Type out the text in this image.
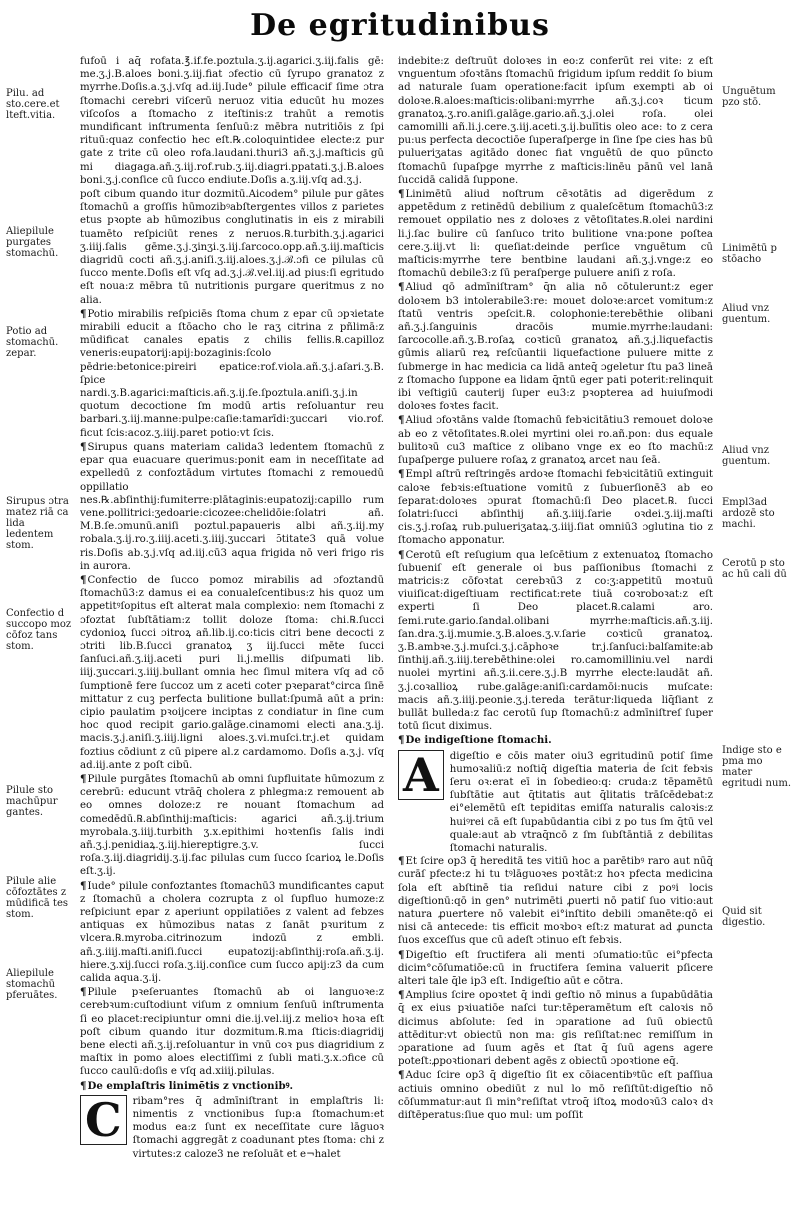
De egritudinibus
Pilu. ad sto.cere.et lteft.vitia.
Aliepilule purgates stomachū.
Potio ad stomachū. zepar.
Sirupus ɔtra matez riā ca lida ledentem stom.
Confectio d succopo moz cōfoz tans stom.
Pilule sto machūpur gantes.
Pilule alie cōfoztātes z mūdificā tes stom.
Aliepilule stomachū pferuātes.

fufoū i aq̄ rofata.℥.if.fe.poztula.ʒ.ij.agarici.ʒ.iij.falis gē: me.ʒ.j.B.aloes boni.ʒ.iij.fiat ɔfectio cū ſyrupo granatoz z myrrhe.Doſis.a.ʒ.j.vſq ad.iij.Iude° pilule efficacif ſime ɔtra ſtomachi cerebri viſcerū neruoz vitia educūt hu mozes viſcoſos a ſtomacho z iteſtinis:z trahūt a remotis mundificant inſtrumenta ſenſuū:z mēbra nutritiōis z ſpi rituū:quaz confectio hec eſt.℞.coloquintidee electe:z pur gate z trite cū oleo rofa.laudani.thuri3 añ.ʒ.j.maſticis gū mi diagaga.añ.ʒ.iij.rof.rub.ʒ.iij.diagri.ppatati.ʒ.j.B.aloes boni.ʒ.j.conſice cū ſucco endiute.Doſis a.ʒ.iij.vſq ad.ʒ.j.

poſt cibum quando itur dozmitū.Aicodem° pilule pur gātes ſtomachū a groſſis hūmozibꝰabſtergentes villos z parietes etus pꝛopte ab hūmozibus conglutinatis in eis z mirabili tuamēto reſpiciūt renes z neruos.℞.turbith.ʒ.j.agarici ʒ.iiij.ſalis gēme.ʒ.j.ʒinʒi.ʒ.iij.ſarcoco.opp.añ.ʒ.iij.maſticis diagridū cocti añ.ʒ.j.aniſi.ʒ.iij.aloes.ʒ.j.ℬ.ɔfi ce pilulas cū ſucco mente.Doſis eſt vſq ad.ʒ.j.ℬ.vel.iij.ad pius:ſi egritudo eſt noua:z mēbra tū nutritionis purgare queritmus z no alia.

¶Potio mirabilis reſpiciēs ſtoma chum z epar cū ɔpꝛietate mirabili educit a ſtōacho cho le raʒ citrina z pñlimā:z mūdificat canales epatis z chilis fellis.℞.capilloz veneris:eupatorij:apij:bozaginis:ſcolo pēdrie:betonice:pireiri epatice:rof.viola.añ.ʒ.j.aſari.ʒ.B. ſpice nardi.ʒ.B.agarici:maſticis.añ.ʒ.ij.ſe.ſpoztula.aniſi.ʒ.j.in quotum decoctione ſm modū artis reſoluantur reu barbari.ʒ.iij.manne:pulpe:caſie:tamarīdi:ʒuccari vio.rof. ficut ſcis:acoz.ʒ.iiij.paret potio:vt ſcis.

¶Sirupus quans materiam calida3 ledentem ſtomachū z epar qua euacuare querimus:ponit eam in neceſſitate ad expelledū z confoztādum virtutes ſtomachi z remouedū oppillatio nes.℞.abſinthij:fumiterre:plātaginis:eupatozij:capillo rum vene.pollitrici:ʒedoarie:cicozee:chelidōie:ſolatri añ. M.B.ſe.ɔmunū.aniſi poztul.papaueris albi añ.ʒ.iij.my robala.ʒ.ij.ro.ʒ.iiij.aceti.ʒ.iiij.ʒuccari ɔ̄titate3 quā volue ris.Doſis ab.ʒ.j.vſq ad.iij.cū3 aqua frigida nō veri frigo ris in aurora.

¶Confectio de ſucco pomoz mirabilis ad ɔfoztandū ſtomachū3:z damus ei ea conualeſcentibus:z his quoz um appetitꝰſopitus eſt alterat mala complexio: nem ſtomachi z ɔfoztat ſubſtātiam:z tollit doloze ſtoma: chi.℞.ſucci cydonioꝝ ſucci ɔitroꝝ añ.lib.ij.co:ticis citri bene decocti z ɔtriti lib.B.ſucci granatoꝝ ʒ iij.ſucci mēte ſucci ſanſuci.añ.ʒ.iij.aceti puri li.j.mellis diſpumati lib. iiij.ʒuccari.ʒ.iiij.bullant omnia hec ſimul mitera vſq ad cō ſumptionē fere ſuccoz um z aceti coter pꝛeparat°circa ſinē mittatur z cuꝫ perfecta bulitione bullat:ſpumā aūt a prin: cipio paulatim pꝛoijcere inciptas z condiatur in ſine cum hoc quod recipit gario.galāge.cinamomi electi ana.ʒ.ij. macis.ʒ.j.aniſi.ʒ.iiij.ligni aloes.ʒ.vi.muſci.tr.j.et quidam foztius cōdiunt z cū pipere al.z cardamomo. Doſis a.ʒ.j. vſq ad.iij.ante z poſt cibū.

¶Pilule purgātes ſtomachū ab omni ſupfluitate hūmozum z cerebrū: educunt vtrāq̄ cholera z phlegma:z remouent ab eo omnes doloze:z re nouant ſtomachum ad comedēdū.℞.abſinthij:maſticis: agarici añ.ʒ.ij.trium myrobala.ʒ.iiij.turbith ʒ.x.epithimi hoꝛtenſis ſalis indi añ.ʒ.j.penidiaꝝ.ʒ.iij.hiereptigre.ʒ.v. ſucci roſa.ʒ.iij.diagridij.ʒ.ij.fac pilulas cum ſucco ſcarioꝝ le.Doſis eſt.ʒ.ij.

¶Iude° pilule confoztantes ſtomachū3 mundificantes caput z ſtomachū a cholera cozrupta z ol ſupfluo humoze:z reſpiciunt epar z aperiunt oppilatiōes z valent ad febzes antiquas ex hūmozibus natas z ſanāt pꝛuritum z vlcera.℞.myroba.citrinozum indozū z embli. añ.ʒ.iiij.maſti.aniſi.ſucci eupatozij:abſinthij:roſa.añ.ʒ.ij. hiere.ʒ.xij.ſucci roſa.ʒ.iij.conſice cum ſucco apij:z3 da cum calida aqua.ʒ.ij.

¶Pilule pꝛeſeruantes ſtomachū ab oi languoꝛe:z cerebꝛum:cuſtodiunt viſum z omnium ſenſuū inſtrumenta ſi eo placet:recipiuntur omni die.ij.vel.iij.z melioꝛ hoꝛa eſt poſt cibum quando itur dozmitum.℞.ma ſticis:diagridij bene electi añ.ʒ.ij.reſoluantur in vnū coꝛ pus diagridium z maſtix in pomo aloes electiſſimi z ſubli mati.ʒ.x.ɔfice cū ſucco caulū:doſis e vſq ad.xiiij.pilulas.

¶De emplaſtris linimētis z vnctionibꝰ.

C	ribam°res q̄ admīniſtrant in emplaſtris li: nimentis z vnctionibus ſup:a ſtomachum:et modus ea:z ſunt ex neceſſitate cure lāguoꝛ ſtomachi aggregāt z coadunant ptes ſtoma: chi z virtutes:z caloze3 ne reſoluāt et e¬halet

indebite:z deſtruūt doloꝛes in eo:z conferūt rei vite: z eſt vnguentum ɔfoꝛtāns ſtomachū frigidum ipſum reddit ſo bium ad naturale ſuam operatione:facit ipſum exempti ab oi doloꝛe.℞.aloes:maſticis:olibani:myrrhe añ.ʒ.j.coꝛ ticum granatoꝝ.ʒ.ro.aniſi.galāge.gario.añ.ʒ.j.olei roſa. olei camomilli añ.li.j.cere.ʒ.iij.aceti.ʒ.ij.bulītis oleo ace: to z cera pu:us perfecta decoctiōe ſuperaſperge in ſine ſpe cies has bū pulueriʒatas agitādo donec fiat vnguētū de quo pūncto ſtomachū ſupaſpge myrrhe z maſticis:linēu pānū vel lanā ſuccidā calidā ſuppone.

¶Linimētū aliud noſtrum cēꝛotātis ad digerēdum z appetēdum z retinēdū debilium z qualeſcētum ſtomachū3:z remouet oppilatio nes z doloꝛes z vētoſitates.℞.olei nardini li.j.ſac bulire cū ſanſuco trito bulitione vna:pone poſtea cere.ʒ.iij.vt li: queſiat:deinde perſice vnguētum cū maſticis:myrrhe tere bentbine laudani añ.ʒ.j.vnge:z eo ſtomachū debile3:z ſū peraſperge puluere aniſi z roſa.

¶Aliud qō admīniſtram° q̄n alia nō cōtulerunt:z eger doloꝛem b3 intolerabile3:re: mouet doloꝛe:arcet vomitum:z ſtatū ventris ɔpeſcit.℞. colophonie:terebēthie olibani añ.ʒ.j.ſanguinis dracōis mumie.myrrhe:laudani: ſarcocolle.añ.ʒ.B.roſaꝝ coꝛticū granatoꝝ añ.ʒ.j.liquefactis gūmis aliarū reꝝ reſcūantii liquefactione puluere mitte z ſubmerge in hac medicia ca lidā anteq̄ ɔgeletur ſtu pa3 lineā z ſtomacho ſuppone ea lidam q̄ntū eger pati poterit:relinquit ibi veſtigiū cauterij ſuper eu3:z pꝛopterea ad huiuſmodi doloꝛes foꝛtes facit.

¶Aliud ɔfoꝛtāns valde ſtomachū febꝛicitātiu3 remouet doloꝛe ab eo z vētoſitates.℞.olei myrtini olei ro.añ.pon: dus equale bulitoꝛū cu3 maſtice z olibano vnge ex eo ſto machū:z ſupaſperge puluere roſaꝝ z granatoꝝ arcet nau ſeā.

¶Empl aſtrū reſtringēs ardoꝛe ſtomachi febꝛicitātiū extinguit caloꝛe febꝛis:eſtuatione vomitū z ſubuerſionē3 ab eo ſeparat:doloꝛes ɔpurat ſtomachū:ſi Deo placet.℞. ſucci ſolatri:ſucci abſinthij añ.ʒ.iiij.ſarie oꝛdei.ʒ.iij.maſti cis.ʒ.j.roſaꝝ rub.pulueriʒataꝝ.ʒ.iiij.ſiat omniū3 ɔglutina tio z ſtomacho apponatur.

¶Cerotū eſt reſugium qua leſcētium z extenuatoꝝ ſtomacho ſubueniſ eſt generale oi bus paſſionibus ſtomachi z matricis:z cōfoꝛtat cerebꝛū3 z co:ʒ:appetitū moꝛtuū viuiſicat:digeſtiuam rectificat:rete tiuā coꝛroboꝛat:z eſt experti ſi Deo placet.℞.calami aro. ſemi.rute.gario.ſandal.olibani myrrhe:maſticis.añ.ʒ.iij. ſan.dra.ʒ.ij.mumie.ʒ.B.aloes.ʒ.v.ſarie coꝛticū granatoꝝ. ʒ.B.ambꝛe.ʒ.j.muſci.ʒ.j.cāphoꝛe tr.j.ſanſuci:balſamite:ab ſinthij.añ.ʒ.iiij.terebēthine:olei ro.camomilliniu.vel nardi nuolei myrtini añ.ʒ.ii.cere.ʒ.j.B myrrhe electe:laudāt añ. ʒ.j.coꝛallioꝝ rube.galāge:aniſi:cardamōi:nucis muſcate: macis añ.ʒ.iiij.peonie.ʒ.j.tereda terātur:liqueda liq̄ſiant z bullāt bulleda:z fac cerotū ſup ſtomachū:z admīniſtreſ ſuper totū ſicut diximus.

¶De indigeſtione ſtomachi.

A	digeſtio e cōis mater oiu3 egritudinū potiſ ſime humoꝛaliū:z noſtiq̄ digeſtia materia ḋe ſcit febꝛis ſeru oꝛ:erat eī in ſobedieo:q: cruda:z tēpamētū ſubſtātie aut q̄titatis aut q̄litatis trāſcēdebat:z ei°elemētū eſt tepiditas emiſſa naturalis caloꝛis:z huiꝰrei cā eſt ſupabūdantia cibi z po tus ſm q̄tū vel quale:aut ab vtraq̄ncō z ſm ſubſtāntiā z debilitas ſtomachi naturalis.

¶Et ſcire op3 q̄ hereditā tes vitiū hoc a parētibꝰ raro aut nūq̄ curāſ pfecte:z hi tu tꝰlāguoꝛes poꝛtāt:z hoꝛ pfecta medicina ſola eſt abſtinē tia reſidui nature cibi z poꝰi locis digeſtionū:qō in gen° nutrimēti ꝓuerti nō patiſ ſuo vitio:aut natura ꝓuertere nō valebit ei°inſtito debili ɔmanēte:qō ei nisi cā antecede: tis efficit moꝛboꝛ eſt:z maturat ad ꝓuncta ſuos exceſſus que cū adeſt ɔtinuo eſt febꝛis.

¶Digeſtio eſt ſructifera ali menti ɔſumatio:tūc ei°pfecta dicim°cōſumatiōe:cū in fructifera ſemina valuerit pſicere alteri tale q̄le ip3 eſt. Indigeſtio aūt e cōtra.

¶Amplius ſcire opoꝛtet q̄ indi geſtio nō minus a ſupabūdātia q̄ ex eius pꝛiuatiōe naſci tur:tēperamētum eſt caloꝛis nō dicimus abſolute: ſed in ɔparatione ad ſuū obiectū attēditur:vt obiectū non ma: gis reſiſtat:nec remiſſum in ɔparatione ad ſuum agēs et ſtat q̄ ſuū agens agere poteſt:ꝓpoꝛtionari debent agēs z obiectū ɔpoꝛtione eq̄.

¶Aduc ſcire op3 q̄ digeſtio ſit ex cōiacentibꝰtūc eſt paſſiua actiuis omnino obediūt z nul lo mō reſiſtūt:digeſtio nō cōſummatur:aut ſi min°reſiſtat vtroq̄ iſtoꝝ modoꝛū3 caloꝛ dꝛ diſtēperatus:ſiue quo mul: um poſſit

Unguētum pzo stō.
Linimētū p stōacho
Aliud vnz guentum.
Aliud vnz guentum.
Empl3ad ardozē sto machi.
Cerotū p sto ac hū cali dū
Indige sto e pma mo mater egritudi num.
Quid sit digestio.
